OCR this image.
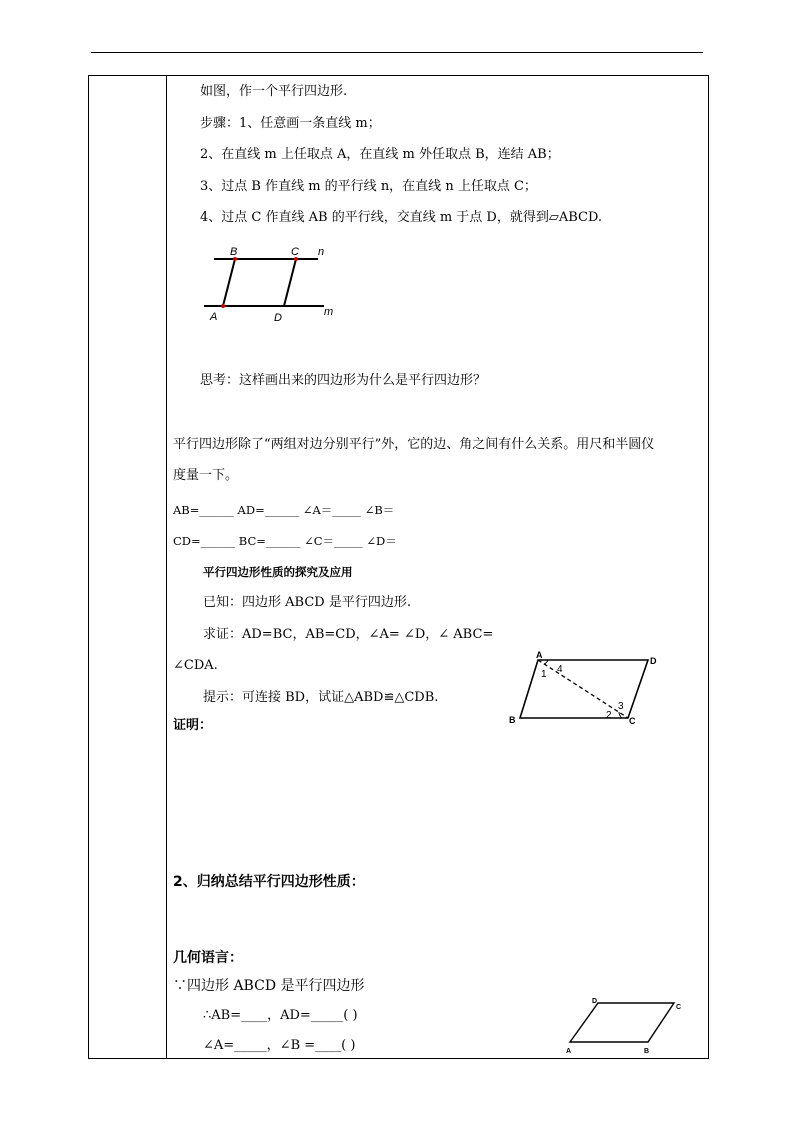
如图，作一个平行四边形.
步骤：1、任意画一条直线 m；
2、在直线 m 上任取点 A，在直线 m 外任取点 B，连结 AB；
3、过点 B 作直线 m 的平行线 n，在直线 n 上任取点 C；
4、过点 C 作直线 AB 的平行线，交直线 m 于点 D，就得到▱ABCD.
B	C n
A	D	m
思考：这样画出来的四边形为什么是平行四边形？
平行四边形除了“两组对边分别平行”外，它的边、角之间有什么关系。用尺和半圆仪
度量一下。
AB=______ AD=______ ∠A＝_____ ∠B＝
CD=______ BC=______ ∠C＝_____ ∠D＝
平行四边形性质的探究及应用
已知：四边形 ABCD 是平行四边形.
求证：AD=BC，AB=CD，∠A= ∠D，∠ ABC=
∠CDA.
提示：可连接 BD，试证△ABD≌△CDB.
A
D
B	C
1 4
2
3
证明：
2、归纳总结平行四边形性质：
几何语言：
∵四边形 ABCD 是平行四边形
∴AB=____，AD=_____( )
∠A=_____，∠B =____( )
D
C
A	B
